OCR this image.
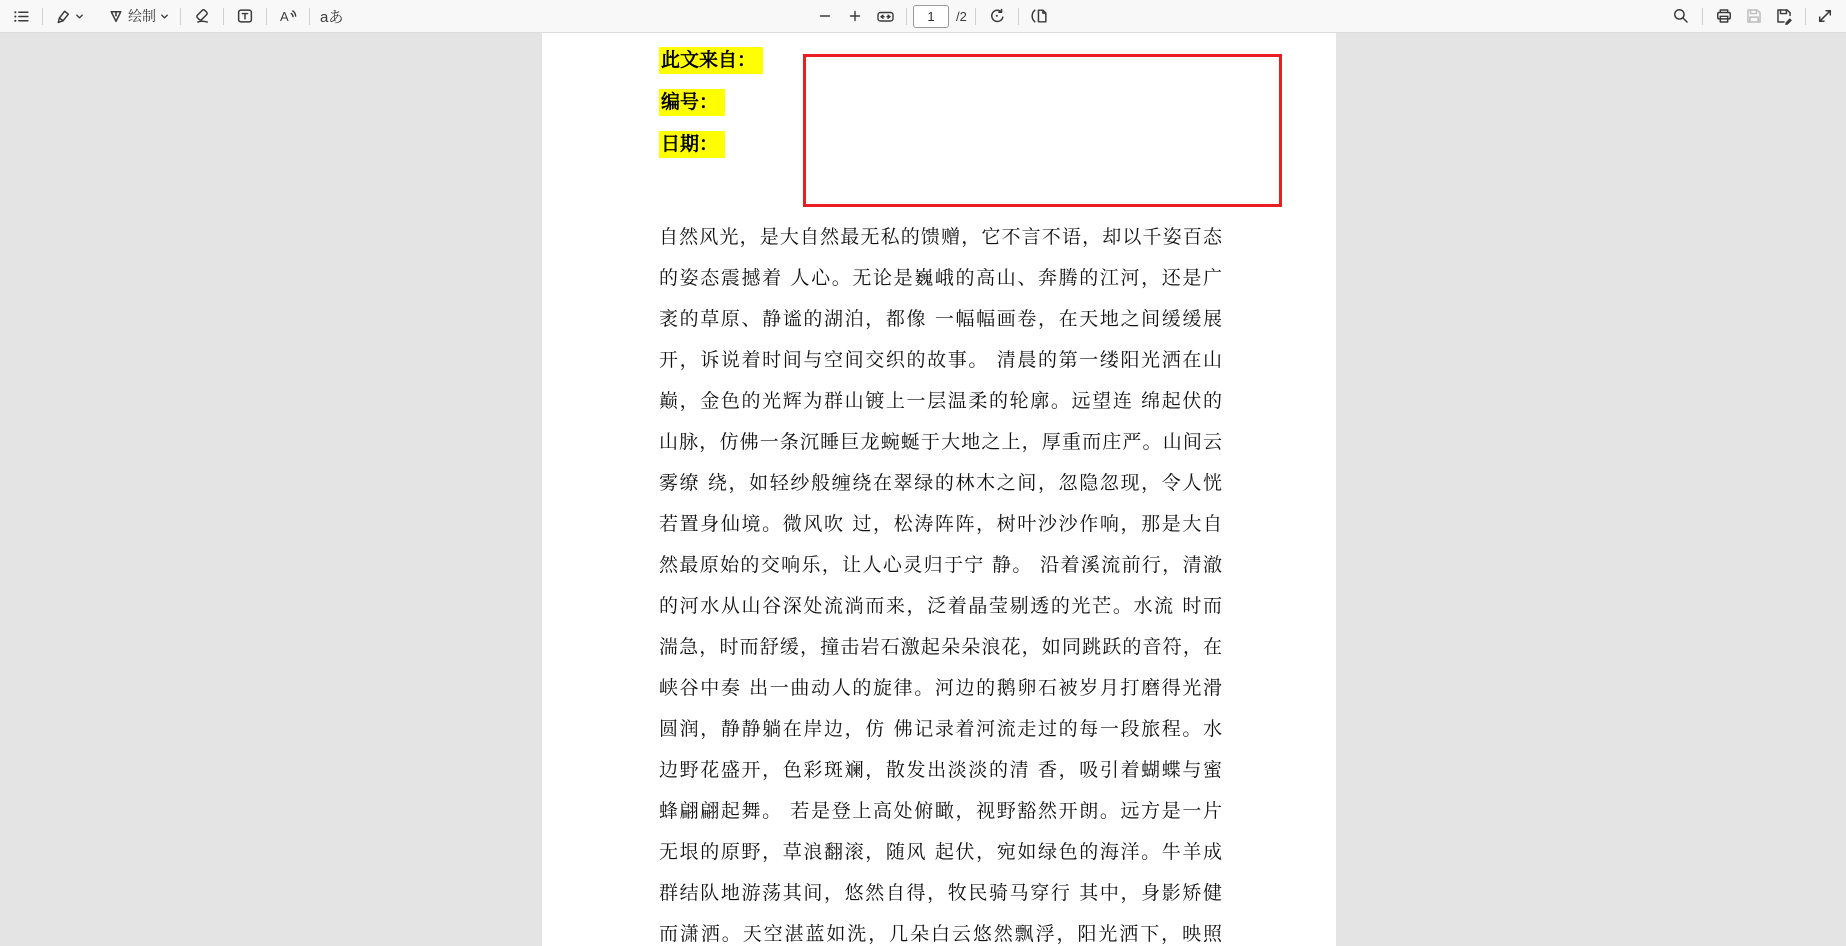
绘制	A aあ
1	/2
此文来自：
编号：
日期：
自然风光，是大自然最无私的馈赠，它不言不语，却以千姿百态
的姿态震撼着 人心。无论是巍峨的高山、奔腾的江河，还是广
袤的草原、静谧的湖泊，都像 一幅幅画卷，在天地之间缓缓展
开，诉说着时间与空间交织的故事。 清晨的第一缕阳光洒在山
巅，金色的光辉为群山镀上一层温柔的轮廓。远望连 绵起伏的
山脉，仿佛一条沉睡巨龙蜿蜒于大地之上，厚重而庄严。山间云
雾缭 绕，如轻纱般缠绕在翠绿的林木之间，忽隐忽现，令人恍
若置身仙境。微风吹 过，松涛阵阵，树叶沙沙作响，那是大自
然最原始的交响乐，让人心灵归于宁 静。 沿着溪流前行，清澈
的河水从山谷深处流淌而来，泛着晶莹剔透的光芒。水流 时而
湍急，时而舒缓，撞击岩石激起朵朵浪花，如同跳跃的音符，在
峡谷中奏 出一曲动人的旋律。河边的鹅卵石被岁月打磨得光滑
圆润，静静躺在岸边，仿 佛记录着河流走过的每一段旅程。水
边野花盛开，色彩斑斓，散发出淡淡的清 香，吸引着蝴蝶与蜜
蜂翩翩起舞。 若是登上高处俯瞰，视野豁然开朗。远方是一片
无垠的原野，草浪翻滚，随风 起伏，宛如绿色的海洋。牛羊成
群结队地游荡其间，悠然自得，牧民骑马穿行 其中，身影矫健
而潇洒。天空湛蓝如洗，几朵白云悠然飘浮，阳光洒下，映照
